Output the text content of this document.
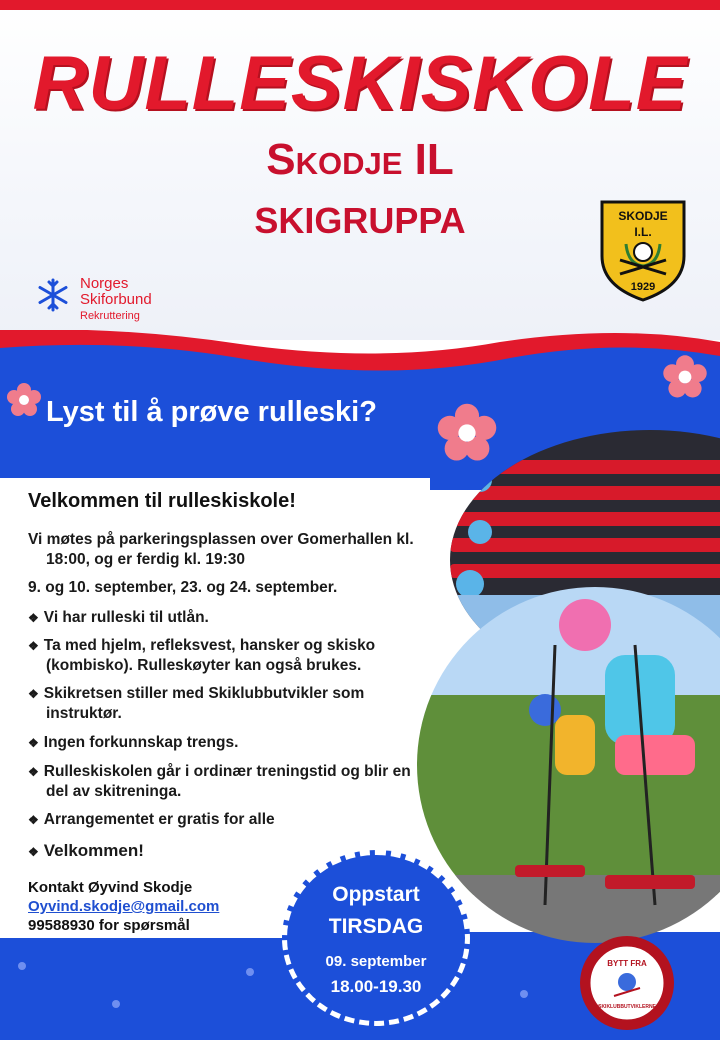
RULLESKISKOLE
Skodje IL
SKIGRUPPA
Norges
Skiforbund
Rekruttering
SKODJE
I.L.
1929
Lyst til å prøve rulleski?
Velkommen til rulleskiskole!
Vi møtes på parkeringsplassen over Gomerhallen kl. 18:00, og er ferdig kl. 19:30
9. og 10. september, 23. og 24. september.
❖ Vi har rulleski til utlån.
❖ Ta med hjelm, refleksvest, hansker og skisko (kombisko). Rulleskøyter kan også brukes.
❖ Skikretsen stiller med Skiklubbutvikler som instruktør.
❖ Ingen forkunnskap trengs.
❖ Rulleskiskolen går i ordinær treningstid og blir en del av skitreninga.
❖ Arrangementet er gratis for alle
❖ Velkommen!
Kontakt Øyvind Skodje
Oyvind.skodje@gmail.com
99588930 for spørsmål
Oppstart
TIRSDAG
09. september
18.00-19.30
BYTT FRA
SKIKLUBBUTVIKLERNE
